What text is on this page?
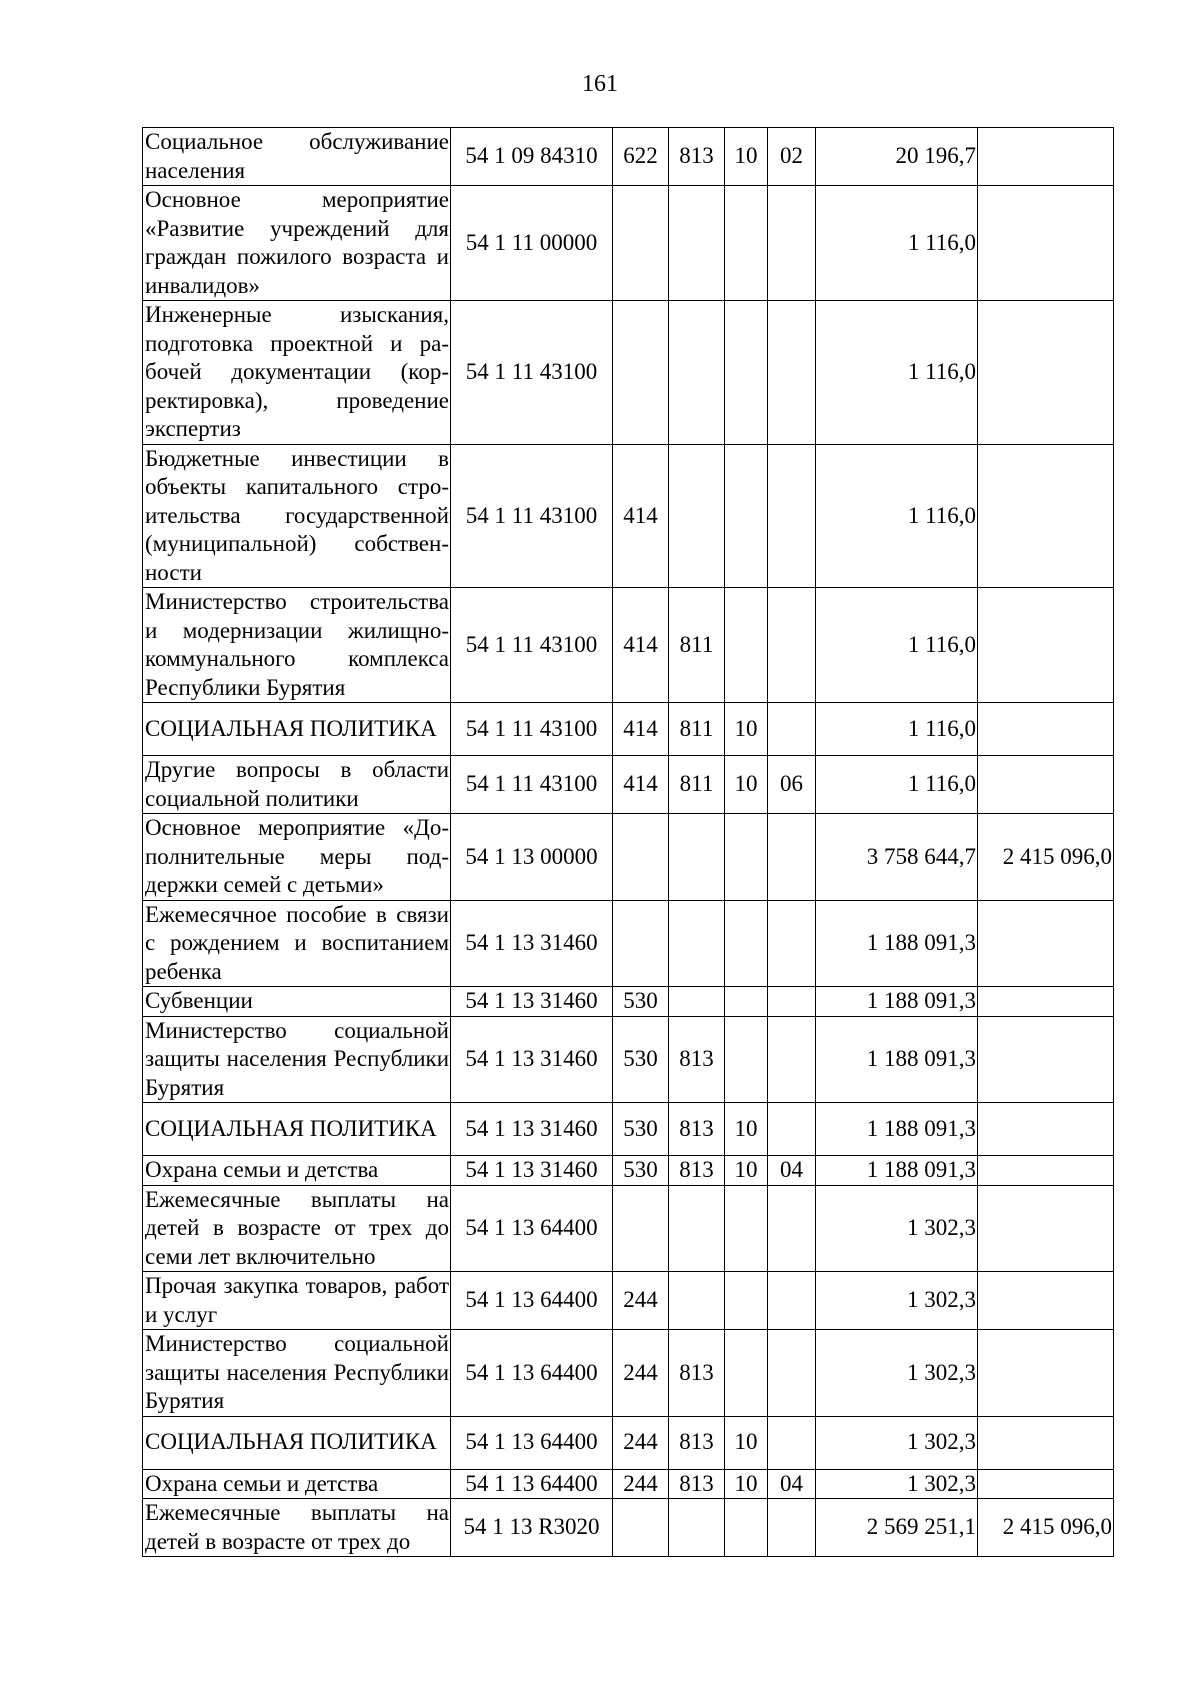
161
Социальное обслуживание населения	54 1 09 84310	622	813	10	02	20 196,7	
Основное мероприятие «Развитие учреждений для граждан пожилого возраста и инвалидов»	54 1 11 00000					1 116,0	
Инженерные изыскания, подготовка проектной и рабочей документации (корректировка), проведение экспертиз	54 1 11 43100					1 116,0	
Бюджетные инвестиции в объекты капитального строительства государственной (муниципальной) собственности	54 1 11 43100	414				1 116,0	
Министерство строительства и модернизации жилищно-коммунального комплекса Республики Бурятия	54 1 11 43100	414	811			1 116,0	
СОЦИАЛЬНАЯ ПОЛИТИКА	54 1 11 43100	414	811	10		1 116,0	
Другие вопросы в области социальной политики	54 1 11 43100	414	811	10	06	1 116,0	
Основное мероприятие «Дополнительные меры поддержки семей с детьми»	54 1 13 00000					3 758 644,7	2 415 096,0
Ежемесячное пособие в связи с рождением и воспитанием ребенка	54 1 13 31460					1 188 091,3	
Субвенции	54 1 13 31460	530				1 188 091,3	
Министерство социальной защиты населения Республики Бурятия	54 1 13 31460	530	813			1 188 091,3	
СОЦИАЛЬНАЯ ПОЛИТИКА	54 1 13 31460	530	813	10		1 188 091,3	
Охрана семьи и детства	54 1 13 31460	530	813	10	04	1 188 091,3	
Ежемесячные выплаты на детей в возрасте от трех до семи лет включительно	54 1 13 64400					1 302,3	
Прочая закупка товаров, работ и услуг	54 1 13 64400	244				1 302,3	
Министерство социальной защиты населения Республики Бурятия	54 1 13 64400	244	813			1 302,3	
СОЦИАЛЬНАЯ ПОЛИТИКА	54 1 13 64400	244	813	10		1 302,3	
Охрана семьи и детства	54 1 13 64400	244	813	10	04	1 302,3	
Ежемесячные выплаты на детей в возрасте от трех до	54 1 13 R3020					2 569 251,1	2 415 096,0
